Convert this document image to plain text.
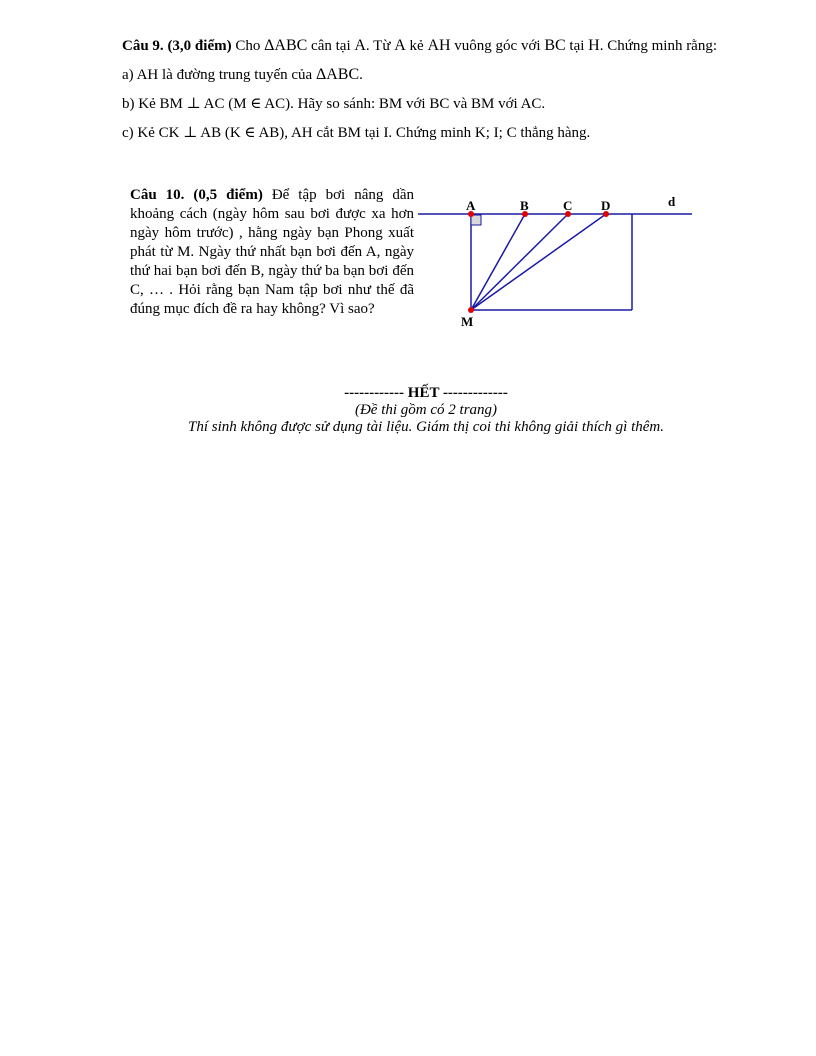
Câu 9. (3,0 điểm) Cho ΔABC cân tại A. Từ A kẻ AH vuông góc với BC tại H. Chứng minh rằng:

a) AH là đường trung tuyến của ΔABC.

b) Kẻ BM ⊥ AC (M ∈ AC). Hãy so sánh: BM với BC và BM với AC.

c) Kẻ CK ⊥ AB (K ∈ AB), AH cắt BM tại I. Chứng minh K; I; C thẳng hàng.

Câu 10. (0,5 điểm) Để tập bơi nâng dần khoảng cách (ngày hôm sau bơi được xa hơn ngày hôm trước) , hằng ngày bạn Phong xuất phát từ M. Ngày thứ nhất bạn bơi đến A, ngày thứ hai bạn bơi đến B, ngày thứ ba bạn bơi đến C, … . Hỏi rằng bạn Nam tập bơi như thế đã đúng mục đích đề ra hay không? Vì sao?

A	B	C D	d
M
------------ HẾT -------------
(Đề thi gồm có 2 trang)
Thí sinh không được sử dụng tài liệu. Giám thị coi thi không giải thích gì thêm.
